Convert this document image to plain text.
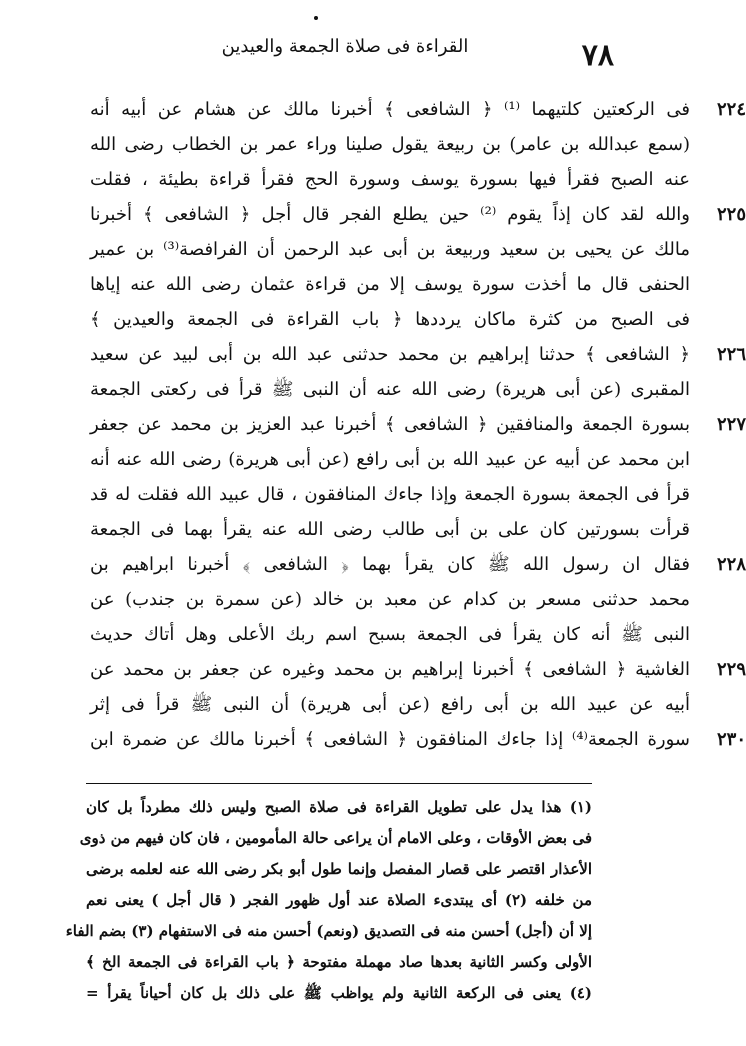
القراءة فى صلاة الجمعة والعيدين	٧٨
٢٢٤
فى الركعتين كلتيهما ⁽¹⁾ ﴿ الشافعى ﴾ أخبرنا مالك عن هشام عن أبيه أنه
(سمع عبدالله بن عامر) بن ربيعة يقول صلينا وراء عمر بن الخطاب رضى الله
عنه الصبح فقرأ فيها بسورة يوسف وسورة الحج فقرأ قراءة بطيئة ، فقلت
٢٢٥
والله لقد كان إذاً يقوم ⁽²⁾ حين يطلع الفجر قال أجل ﴿ الشافعى ﴾ أخبرنا
مالك عن يحيى بن سعيد وربيعة بن أبى عبد الرحمن أن الفرافصة⁽³⁾ بن عمير
الحنفى قال ما أخذت سورة يوسف إلا من قراءة عثمان رضى الله عنه إياها
فى الصبح من كثرة ماكان يرددها ﴿ باب القراءة فى الجمعة والعيدين ﴾
٢٢٦
﴿ الشافعى ﴾ حدثنا إبراهيم بن محمد حدثنى عبد الله بن أبى لبيد عن سعيد
المقبرى (عن أبى هريرة) رضى الله عنه أن النبى ﷺ قرأ فى ركعتى الجمعة
٢٢٧
بسورة الجمعة والمنافقين ﴿ الشافعى ﴾ أخبرنا عبد العزيز بن محمد عن جعفر
ابن محمد عن أبيه عن عبيد الله بن أبى رافع (عن أبى هريرة) رضى الله عنه أنه
قرأ فى الجمعة بسورة الجمعة وإذا جاءك المنافقون ، قال عبيد الله فقلت له قد
قرأت بسورتين كان على بن أبى طالب رضى الله عنه يقرأ بهما فى الجمعة
٢٢٨
فقال ان رسول الله ﷺ كان يقرأ بهما ﴿ الشافعى ﴾ أخبرنا ابراهيم بن
محمد حدثنى مسعر بن كدام عن معبد بن خالد (عن سمرة بن جندب) عن
النبى ﷺ أنه كان يقرأ فى الجمعة بسبح اسم ربك الأعلى وهل أتاك حديث
٢٢٩
الغاشية ﴿ الشافعى ﴾ أخبرنا إبراهيم بن محمد وغيره عن جعفر بن محمد عن
أبيه عن عبيد الله بن أبى رافع (عن أبى هريرة) أن النبى ﷺ قرأ فى إثر
٢٣٠
سورة الجمعة⁽⁴⁾ إذا جاءك المنافقون ﴿ الشافعى ﴾ أخبرنا مالك عن ضمرة ابن
(١) هذا يدل على تطويل القراءة فى صلاة الصبح وليس ذلك مطرداً بل كان
فى بعض الأوقات ، وعلى الامام أن يراعى حالة المأمومين ، فان كان فيهم من ذوى
الأعذار اقتصر على قصار المفصل وإنما طول أبو بكر رضى الله عنه لعلمه برضى
من خلفه (٢) أى يبتدىء الصلاة عند أول ظهور الفجر ( قال أجل ) يعنى نعم
إلا أن (أجل) أحسن منه فى التصديق (ونعم) أحسن منه فى الاستفهام (٣) بضم الفاء
الأولى وكسر الثانية بعدها صاد مهملة مفتوحة ﴿ باب القراءة فى الجمعة الخ ﴾
(٤) يعنى فى الركعة الثانية ولم يواظب ﷺ على ذلك بل كان أحياناً يقرأ =
